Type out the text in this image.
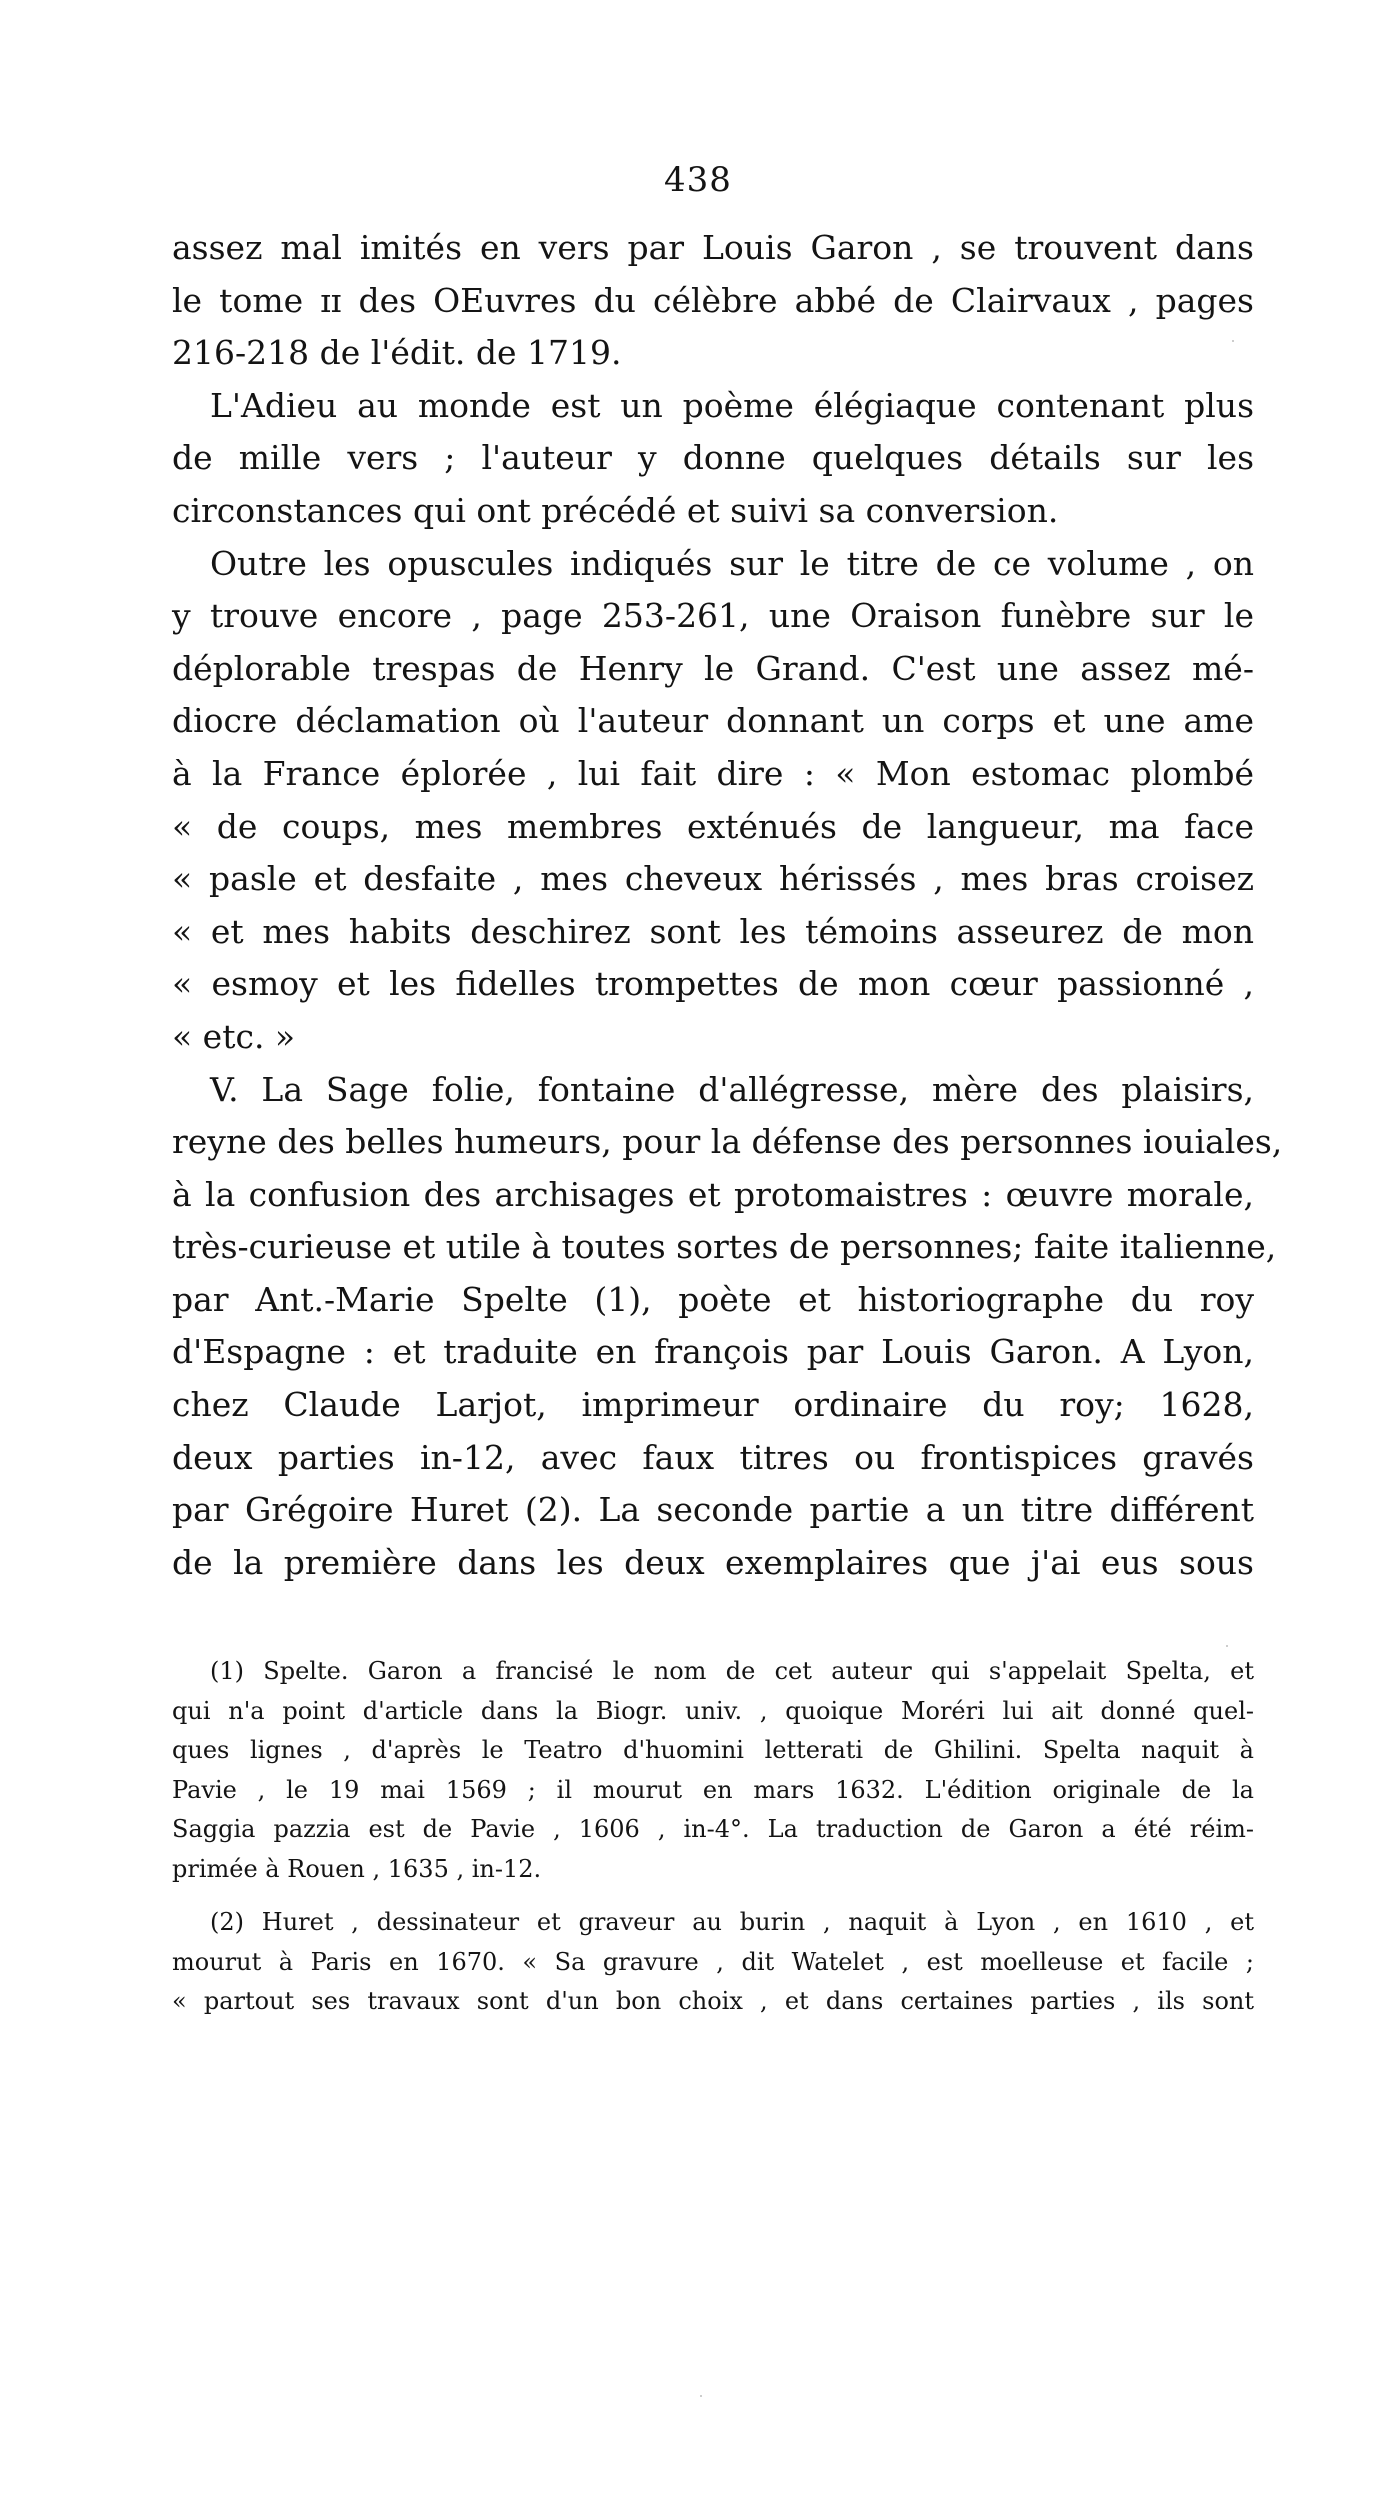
438
assez mal imités en vers par Louis Garon , se trouvent dans
le tome ɪɪ des OEuvres du célèbre abbé de Clairvaux , pages
216-218 de l'édit. de 1719.
L'Adieu au monde est un poème élégiaque contenant plus
de mille vers ; l'auteur y donne quelques détails sur les
circonstances qui ont précédé et suivi sa conversion.
Outre les opuscules indiqués sur le titre de ce volume , on
y trouve encore , page 253-261, une Oraison funèbre sur le
déplorable trespas de Henry le Grand. C'est une assez mé-
diocre déclamation où l'auteur donnant un corps et une ame
à la France éplorée , lui fait dire : « Mon estomac plombé
« de coups, mes membres exténués de langueur, ma face
« pasle et desfaite , mes cheveux hérissés , mes bras croisez
« et mes habits deschirez sont les témoins asseurez de mon
« esmoy et les fidelles trompettes de mon cœur passionné ,
« etc. »
V. La Sage folie, fontaine d'allégresse, mère des plaisirs,
reyne des belles humeurs, pour la défense des personnes iouiales,
à la confusion des archisages et protomaistres : œuvre morale,
très-curieuse et utile à toutes sortes de personnes; faite italienne,
par Ant.-Marie Spelte (1), poète et historiographe du roy
d'Espagne : et traduite en françois par Louis Garon. A Lyon,
chez Claude Larjot, imprimeur ordinaire du roy; 1628,
deux parties in-12, avec faux titres ou frontispices gravés
par Grégoire Huret (2). La seconde partie a un titre différent
de la première dans les deux exemplaires que j'ai eus sous
(1) Spelte. Garon a francisé le nom de cet auteur qui s'appelait Spelta, et
qui n'a point d'article dans la Biogr. univ. , quoique Moréri lui ait donné quel-
ques lignes , d'après le Teatro d'huomini letterati de Ghilini. Spelta naquit à
Pavie , le 19 mai 1569 ; il mourut en mars 1632. L'édition originale de la
Saggia pazzia est de Pavie , 1606 , in-4°. La traduction de Garon a été réim-
primée à Rouen , 1635 , in-12.
(2) Huret , dessinateur et graveur au burin , naquit à Lyon , en 1610 , et
mourut à Paris en 1670. « Sa gravure , dit Watelet , est moelleuse et facile ;
« partout ses travaux sont d'un bon choix , et dans certaines parties , ils sont
